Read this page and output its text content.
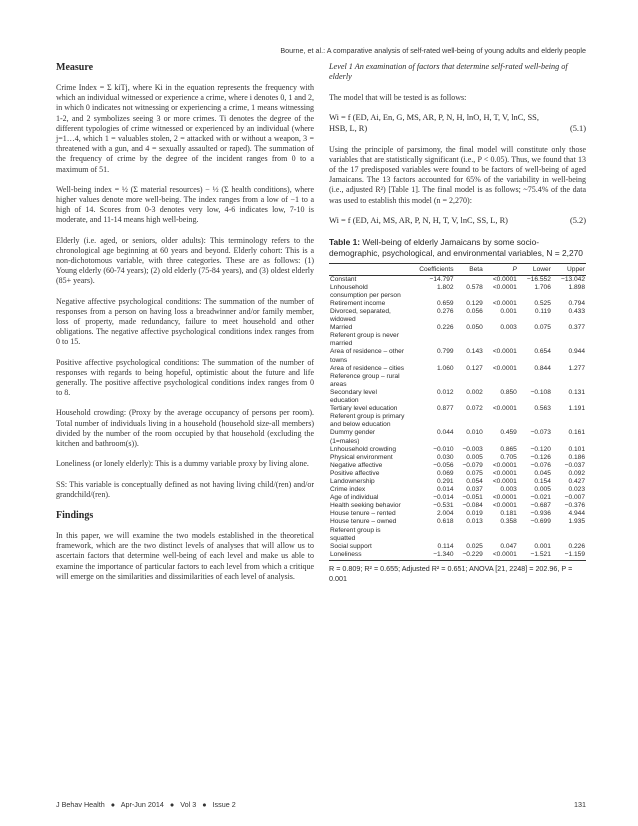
Bourne, et al.: A comparative analysis of self-rated well-being of young adults and elderly people
Measure

Crime Index = Σ kiTj, where Ki in the equation represents the frequency with which an individual witnessed or experience a crime, where i denotes 0, 1 and 2, in which 0 indicates not witnessing or experiencing a crime, 1 means witnessing 1-2, and 2 symbolizes seeing 3 or more crimes. Ti denotes the degree of the different typologies of crime witnessed or experienced by an individual (where j=1…4, which 1 = valuables stolen, 2 = attacked with or without a weapon, 3 = threatened with a gun, and 4 = sexually assaulted or raped). The summation of the frequency of crime by the degree of the incident ranges from 0 to a maximum of 51.

Well-being index = ½ (Σ material resources) − ½ (Σ health conditions), where higher values denote more well-being. The index ranges from a low of −1 to a high of 14. Scores from 0-3 denotes very low, 4-6 indicates low, 7-10 is moderate, and 11-14 means high well-being.

Elderly (i.e. aged, or seniors, older adults): This terminology refers to the chronological age beginning at 60 years and beyond. Elderly cohort: This is a non-dichotomous variable, with three categories. These are as follows: (1) Young elderly (60-74 years); (2) old elderly (75-84 years), and (3) oldest elderly (85+ years).

Negative affective psychological conditions: The summation of the number of responses from a person on having loss a breadwinner and/or family member, loss of property, made redundancy, failure to meet household and other obligations. The negative affective psychological conditions index ranges from 0 to 15.

Positive affective psychological conditions: The summation of the number of responses with regards to being hopeful, optimistic about the future and life generally. The positive affective psychological conditions index ranges from 0 to 8.

Household crowding: (Proxy by the average occupancy of persons per room). Total number of individuals living in a household (household size-all members) divided by the number of the room occupied by that household (excluding the kitchen and bathroom(s)).

Loneliness (or lonely elderly): This is a dummy variable proxy by living alone.

SS: This variable is conceptually defined as not having living child/(ren) and/or grandchild/(ren).

Findings

In this paper, we will examine the two models established in the theoretical framework, which are the two distinct levels of analyses that will allow us to ascertain factors that determine well-being of each level and make us able to examine the importance of particular factors to each level from which a critique will emerge on the similarities and dissimilarities of each level of analysis.

Level 1 An examination of factors that determine self-rated well-being of elderly

The model that will be tested is as follows:

Wi = f (ED, Ai, En, G, MS, AR, P, N, H, lnO, H, T, V, lnC, SS,
HSB, L, R)	(5.1)

Using the principle of parsimony, the final model will constitute only those variables that are statistically significant (i.e., P < 0.05). Thus, we found that 13 of the 17 predisposed variables were found to be factors of well-being of aged Jamaicans. The 13 factors accounted for 65% of the variability in well-being (i.e., adjusted R²) [Table 1]. The final model is as follows; ~75.4% of the data was used to establish this model (n = 2,270):

Wi = f (ED, Ai, MS, AR, P, N, H, T, V, lnC, SS, L, R)	(5.2)
Table 1: Well-being of elderly Jamaicans by some socio-demographic, psychological, and environmental variables, N = 2,270
	Coefficients	Beta	P	Lower	Upper
Constant	−14.797		<0.0001	−16.552	−13.042
Lnhousehold consumption per person	1.802	0.578	<0.0001	1.706	1.898
Retirement income	0.659	0.129	<0.0001	0.525	0.794
Divorced, separated, widowed	0.276	0.056	0.001	0.119	0.433
Married	0.226	0.050	0.003	0.075	0.377
Referent group is never married					
Area of residence – other towns	0.799	0.143	<0.0001	0.654	0.944
Area of residence – cities	1.060	0.127	<0.0001	0.844	1.277
Reference group – rural areas					
Secondary level education	0.012	0.002	0.850	−0.108	0.131
Tertiary level education	0.877	0.072	<0.0001	0.563	1.191
Referent group is primary and below education					
Dummy gender (1=males)	0.044	0.010	0.459	−0.073	0.161
Lnhousehold crowding	−0.010	−0.003	0.865	−0.120	0.101
Physical environment	0.030	0.005	0.705	−0.126	0.186
Negative affective	−0.056	−0.079	<0.0001	−0.076	−0.037
Positive affective	0.069	0.075	<0.0001	0.045	0.092
Landownership	0.291	0.054	<0.0001	0.154	0.427
Crime index	0.014	0.037	0.003	0.005	0.023
Age of individual	−0.014	−0.051	<0.0001	−0.021	−0.007
Health seeking behavior	−0.531	−0.084	<0.0001	−0.687	−0.376
House tenure – rented	2.004	0.019	0.181	−0.936	4.944
House tenure – owned	0.618	0.013	0.358	−0.699	1.935
Referent group is squatted					
Social support	0.114	0.025	0.047	0.001	0.226
Loneliness	−1.340	−0.229	<0.0001	−1.521	−1.159

R = 0.809; R² = 0.655; Adjusted R² = 0.651; ANOVA [21, 2248] = 202.96, P = 0.001

J Behav Health ● Apr-Jun 2014 ● Vol 3 ● Issue 2	131
